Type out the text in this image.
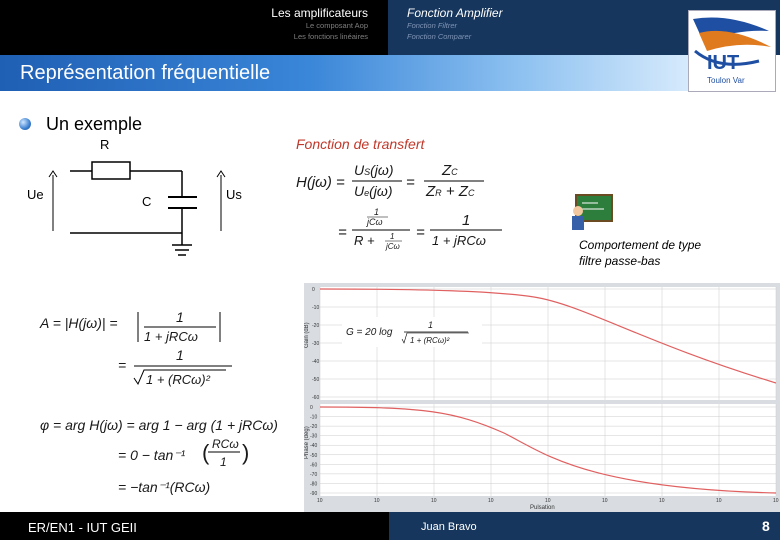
Les amplificateurs
Le composant Aop
Les fonctions linéaires
Fonction Amplifier
Fonction Filtrer
Fonction Comparer
Représentation fréquentielle	IUT
Toulon Var
Un exemple
R
C
Ue	Us
Fonction de transfert
H(jω) =
US(jω)
Ue(jω) =
ZC
ZR + ZC
=
1
jCω
R + 1
jCω
=
1
1 + jRCω	Comportement de type
filtre passe-bas
A = |H(jω)| =	1
1 + jRCω
=
1
1 + (RCω)²
φ = arg H(jω) = arg 1 − arg (1 + jRCω)
= 0 − tan⁻¹
RCω
1
( )
= −tan⁻¹(RCω)
0
-10
-20
-30
-40
-50
-60
0
-10
-20
-30
-40
-50
-60
-70
-80
-90
10	10	10	10	10	10	10	10	10
Gain (dB)
Phase (deg)
Pulsation
G = 20 log
1
1 + (RCω)²
ER/EN1 - IUT GEII	Juan Bravo	8
